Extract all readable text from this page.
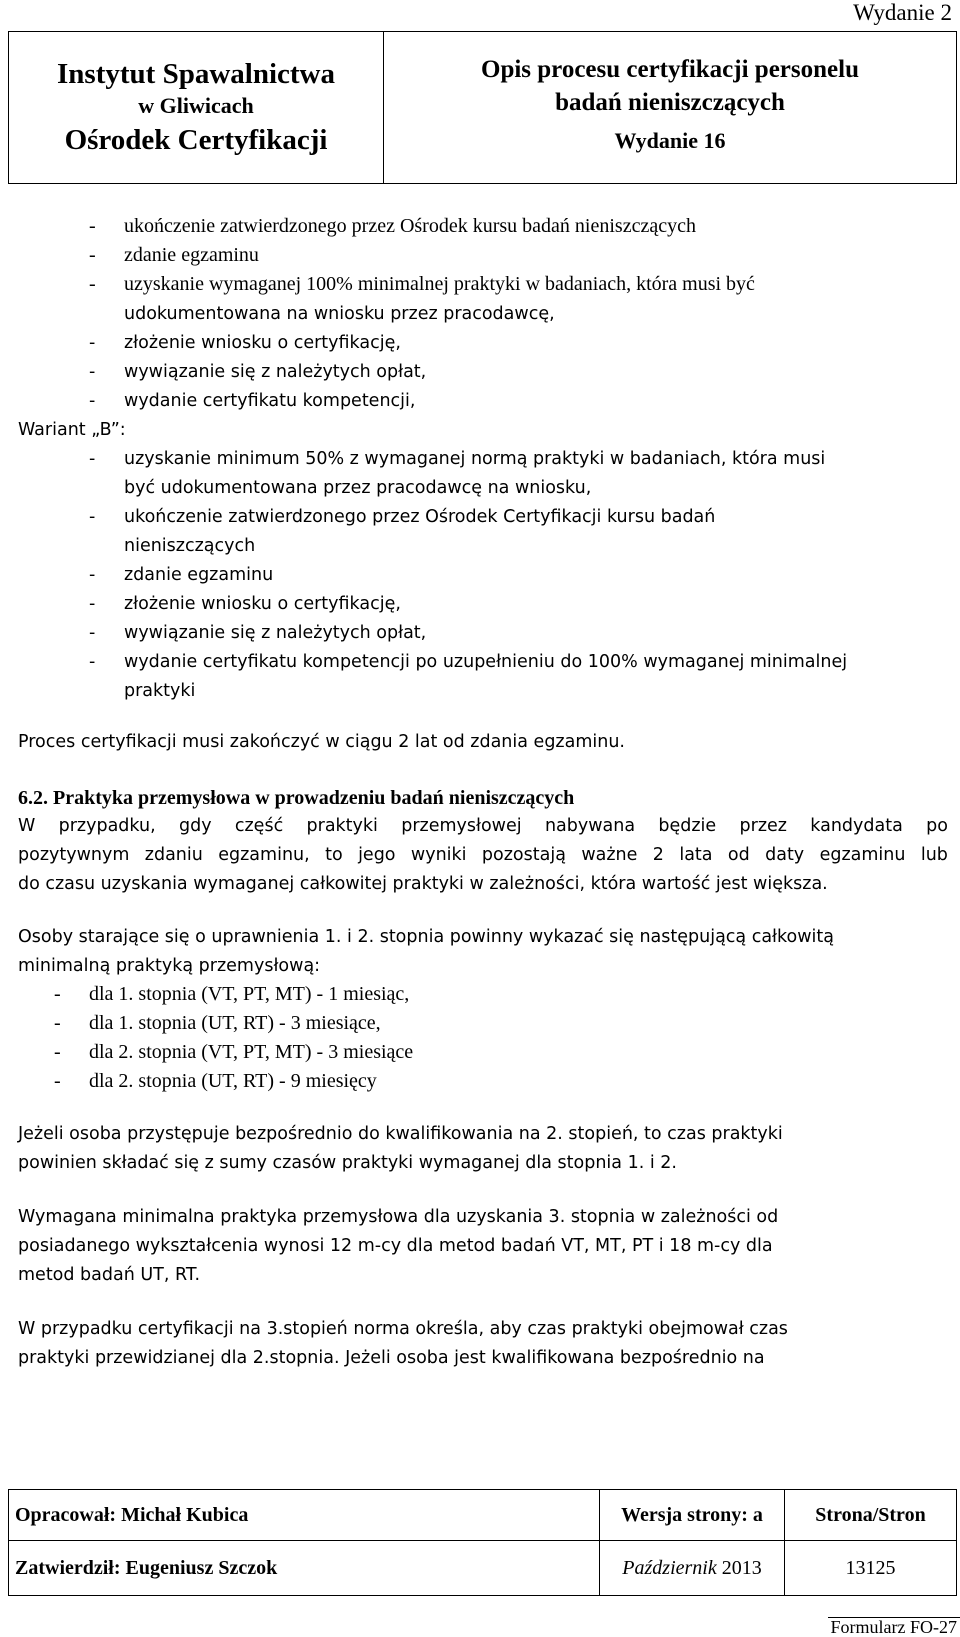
Wydanie 2
Instytut Spawalnictwa
w Gliwicach
Ośrodek Certyfikacji

Opis procesu certyfikacji personelu
badań nieniszczących
Wydanie 16
- ukończenie zatwierdzonego przez Ośrodek kursu badań nieniszczących
- zdanie egzaminu
- uzyskanie wymaganej 100% minimalnej praktyki w badaniach, która musi być
udokumentowana na wniosku przez pracodawcę,
- złożenie wniosku o certyfikację,
- wywiązanie się z należytych opłat,
- wydanie certyfikatu kompetencji,
Wariant „B”:
- uzyskanie minimum 50% z wymaganej normą praktyki w badaniach, która musi
być udokumentowana przez pracodawcę na wniosku,
- ukończenie zatwierdzonego przez Ośrodek Certyfikacji kursu badań
nieniszczących
- zdanie egzaminu
- złożenie wniosku o certyfikację,
- wywiązanie się z należytych opłat,
- wydanie certyfikatu kompetencji po uzupełnieniu do 100% wymaganej minimalnej
praktyki
Proces certyfikacji musi zakończyć w ciągu 2 lat od zdania egzaminu.
6.2. Praktyka przemysłowa w prowadzeniu badań nieniszczących
W przypadku, gdy część praktyki przemysłowej nabywana będzie przez kandydata po
pozytywnym zdaniu egzaminu, to jego wyniki pozostają ważne 2 lata od daty egzaminu lub
do czasu uzyskania wymaganej całkowitej praktyki w zależności, która wartość jest większa.
Osoby starające się o uprawnienia 1. i 2. stopnia powinny wykazać się następującą całkowitą
minimalną praktyką przemysłową:
- dla 1. stopnia (VT, PT, MT) - 1 miesiąc,
- dla 1. stopnia (UT, RT) - 3 miesiące,
- dla 2. stopnia (VT, PT, MT) - 3 miesiące
- dla 2. stopnia (UT, RT) - 9 miesięcy
Jeżeli osoba przystępuje bezpośrednio do kwalifikowania na 2. stopień, to czas praktyki
powinien składać się z sumy czasów praktyki wymaganej dla stopnia 1. i 2.
Wymagana minimalna praktyka przemysłowa dla uzyskania 3. stopnia w zależności od
posiadanego wykształcenia wynosi 12 m-cy dla metod badań VT, MT, PT i 18 m-cy dla
metod badań UT, RT.
W przypadku certyfikacji na 3.stopień norma określa, aby czas praktyki obejmował czas
praktyki przewidzianej dla 2.stopnia. Jeżeli osoba jest kwalifikowana bezpośrednio na
Opracował: Michał Kubica	Wersja strony: a	Strona/Stron
Zatwierdził: Eugeniusz Szczok	Październik 2013	13125
Formularz FO-27
